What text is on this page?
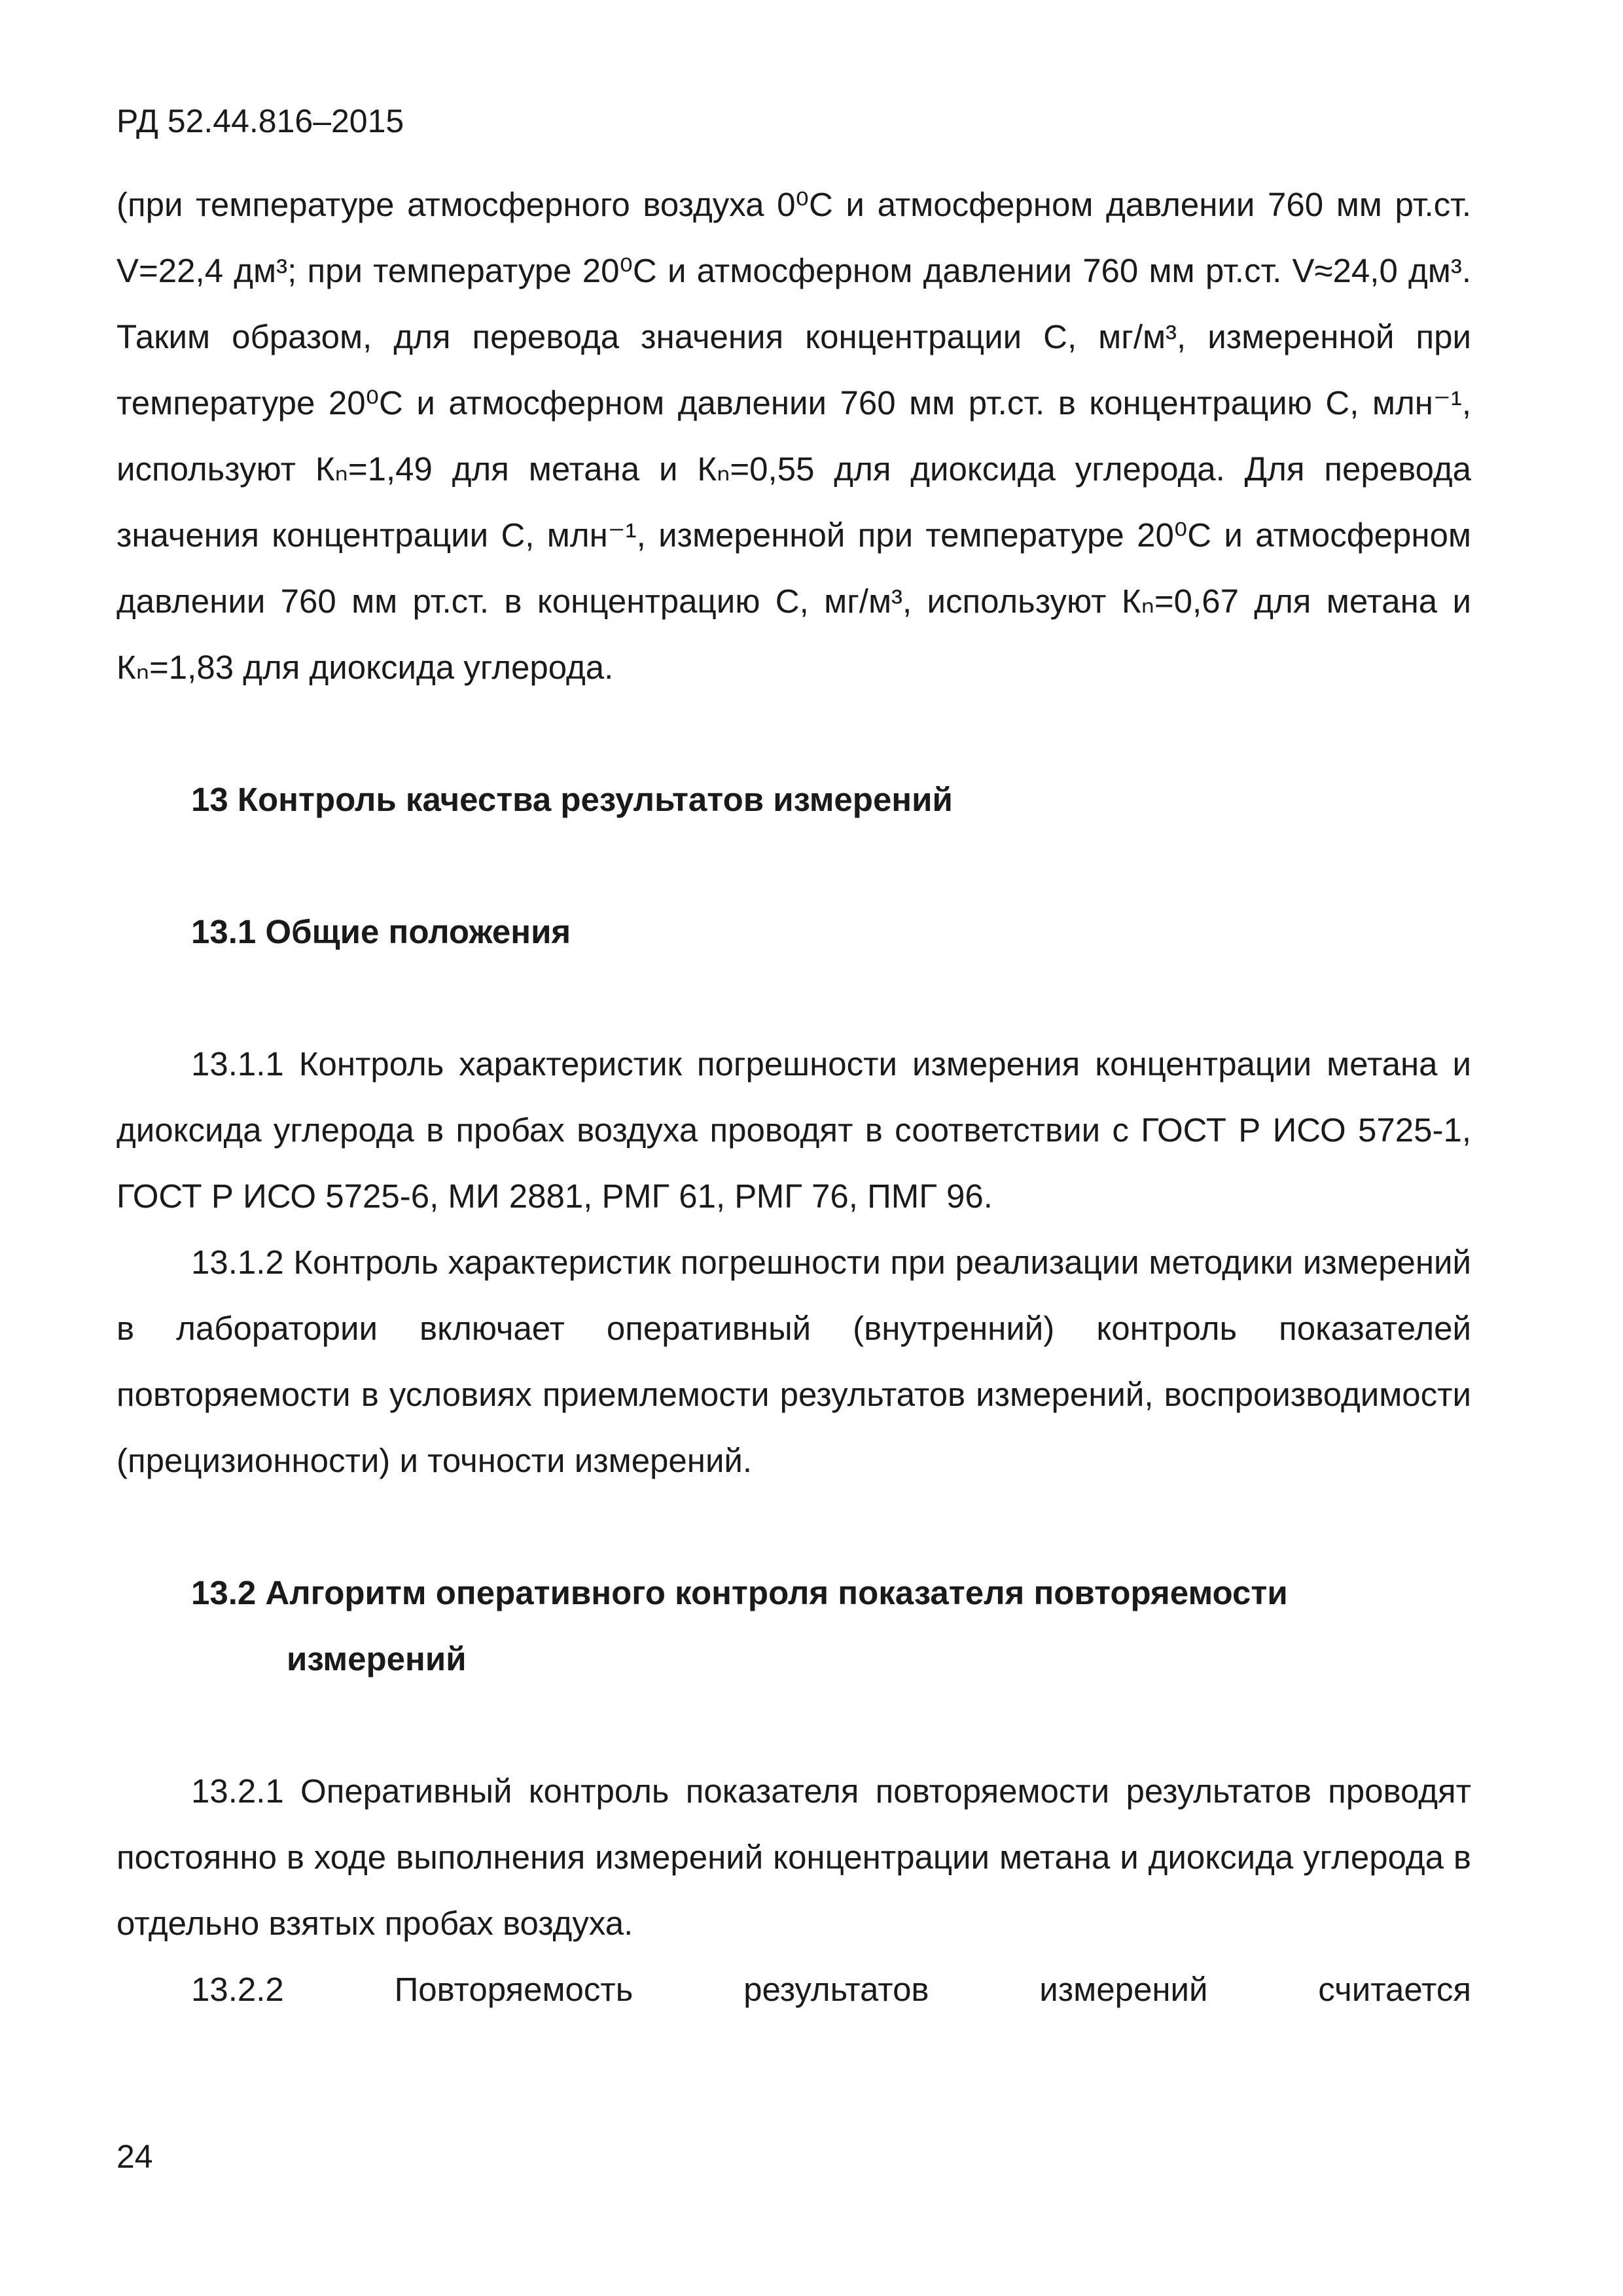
РД 52.44.816–2015

(при температуре атмосферного воздуха 0⁰С и атмосферном давлении 760 мм рт.ст. V=22,4 дм³; при температуре 20⁰С и атмосферном давлении 760 мм рт.ст. V≈24,0 дм³. Таким образом, для перевода значения концентрации С, мг/м³, измеренной при температуре 20⁰С и атмосферном давлении 760 мм рт.ст. в концентрацию С, млн⁻¹, используют Кₙ=1,49 для метана и Кₙ=0,55 для диоксида углерода. Для перевода значения концентрации С, млн⁻¹, измеренной при температуре 20⁰С и атмосферном давлении 760 мм рт.ст. в концентрацию С, мг/м³, используют Кₙ=0,67 для метана и Кₙ=1,83 для диоксида углерода.

13 Контроль качества результатов измерений

13.1 Общие положения

13.1.1 Контроль характеристик погрешности измерения концентрации метана и диоксида углерода в пробах воздуха проводят в соответствии с ГОСТ Р ИСО 5725-1, ГОСТ Р ИСО 5725-6, МИ 2881, РМГ 61, РМГ 76, ПМГ 96.

13.1.2 Контроль характеристик погрешности при реализации методики измерений в лаборатории включает оперативный (внутренний) контроль показателей повторяемости в условиях приемлемости результатов измерений, воспроизводимости (прецизионности) и точности измерений.

13.2 Алгоритм оперативного контроля показателя повторяемости измерений

13.2.1 Оперативный контроль показателя повторяемости результатов проводят постоянно в ходе выполнения измерений концентрации метана и диоксида углерода в отдельно взятых пробах воздуха.

13.2.2	Повторяемость	результатов	измерений	считается
24
